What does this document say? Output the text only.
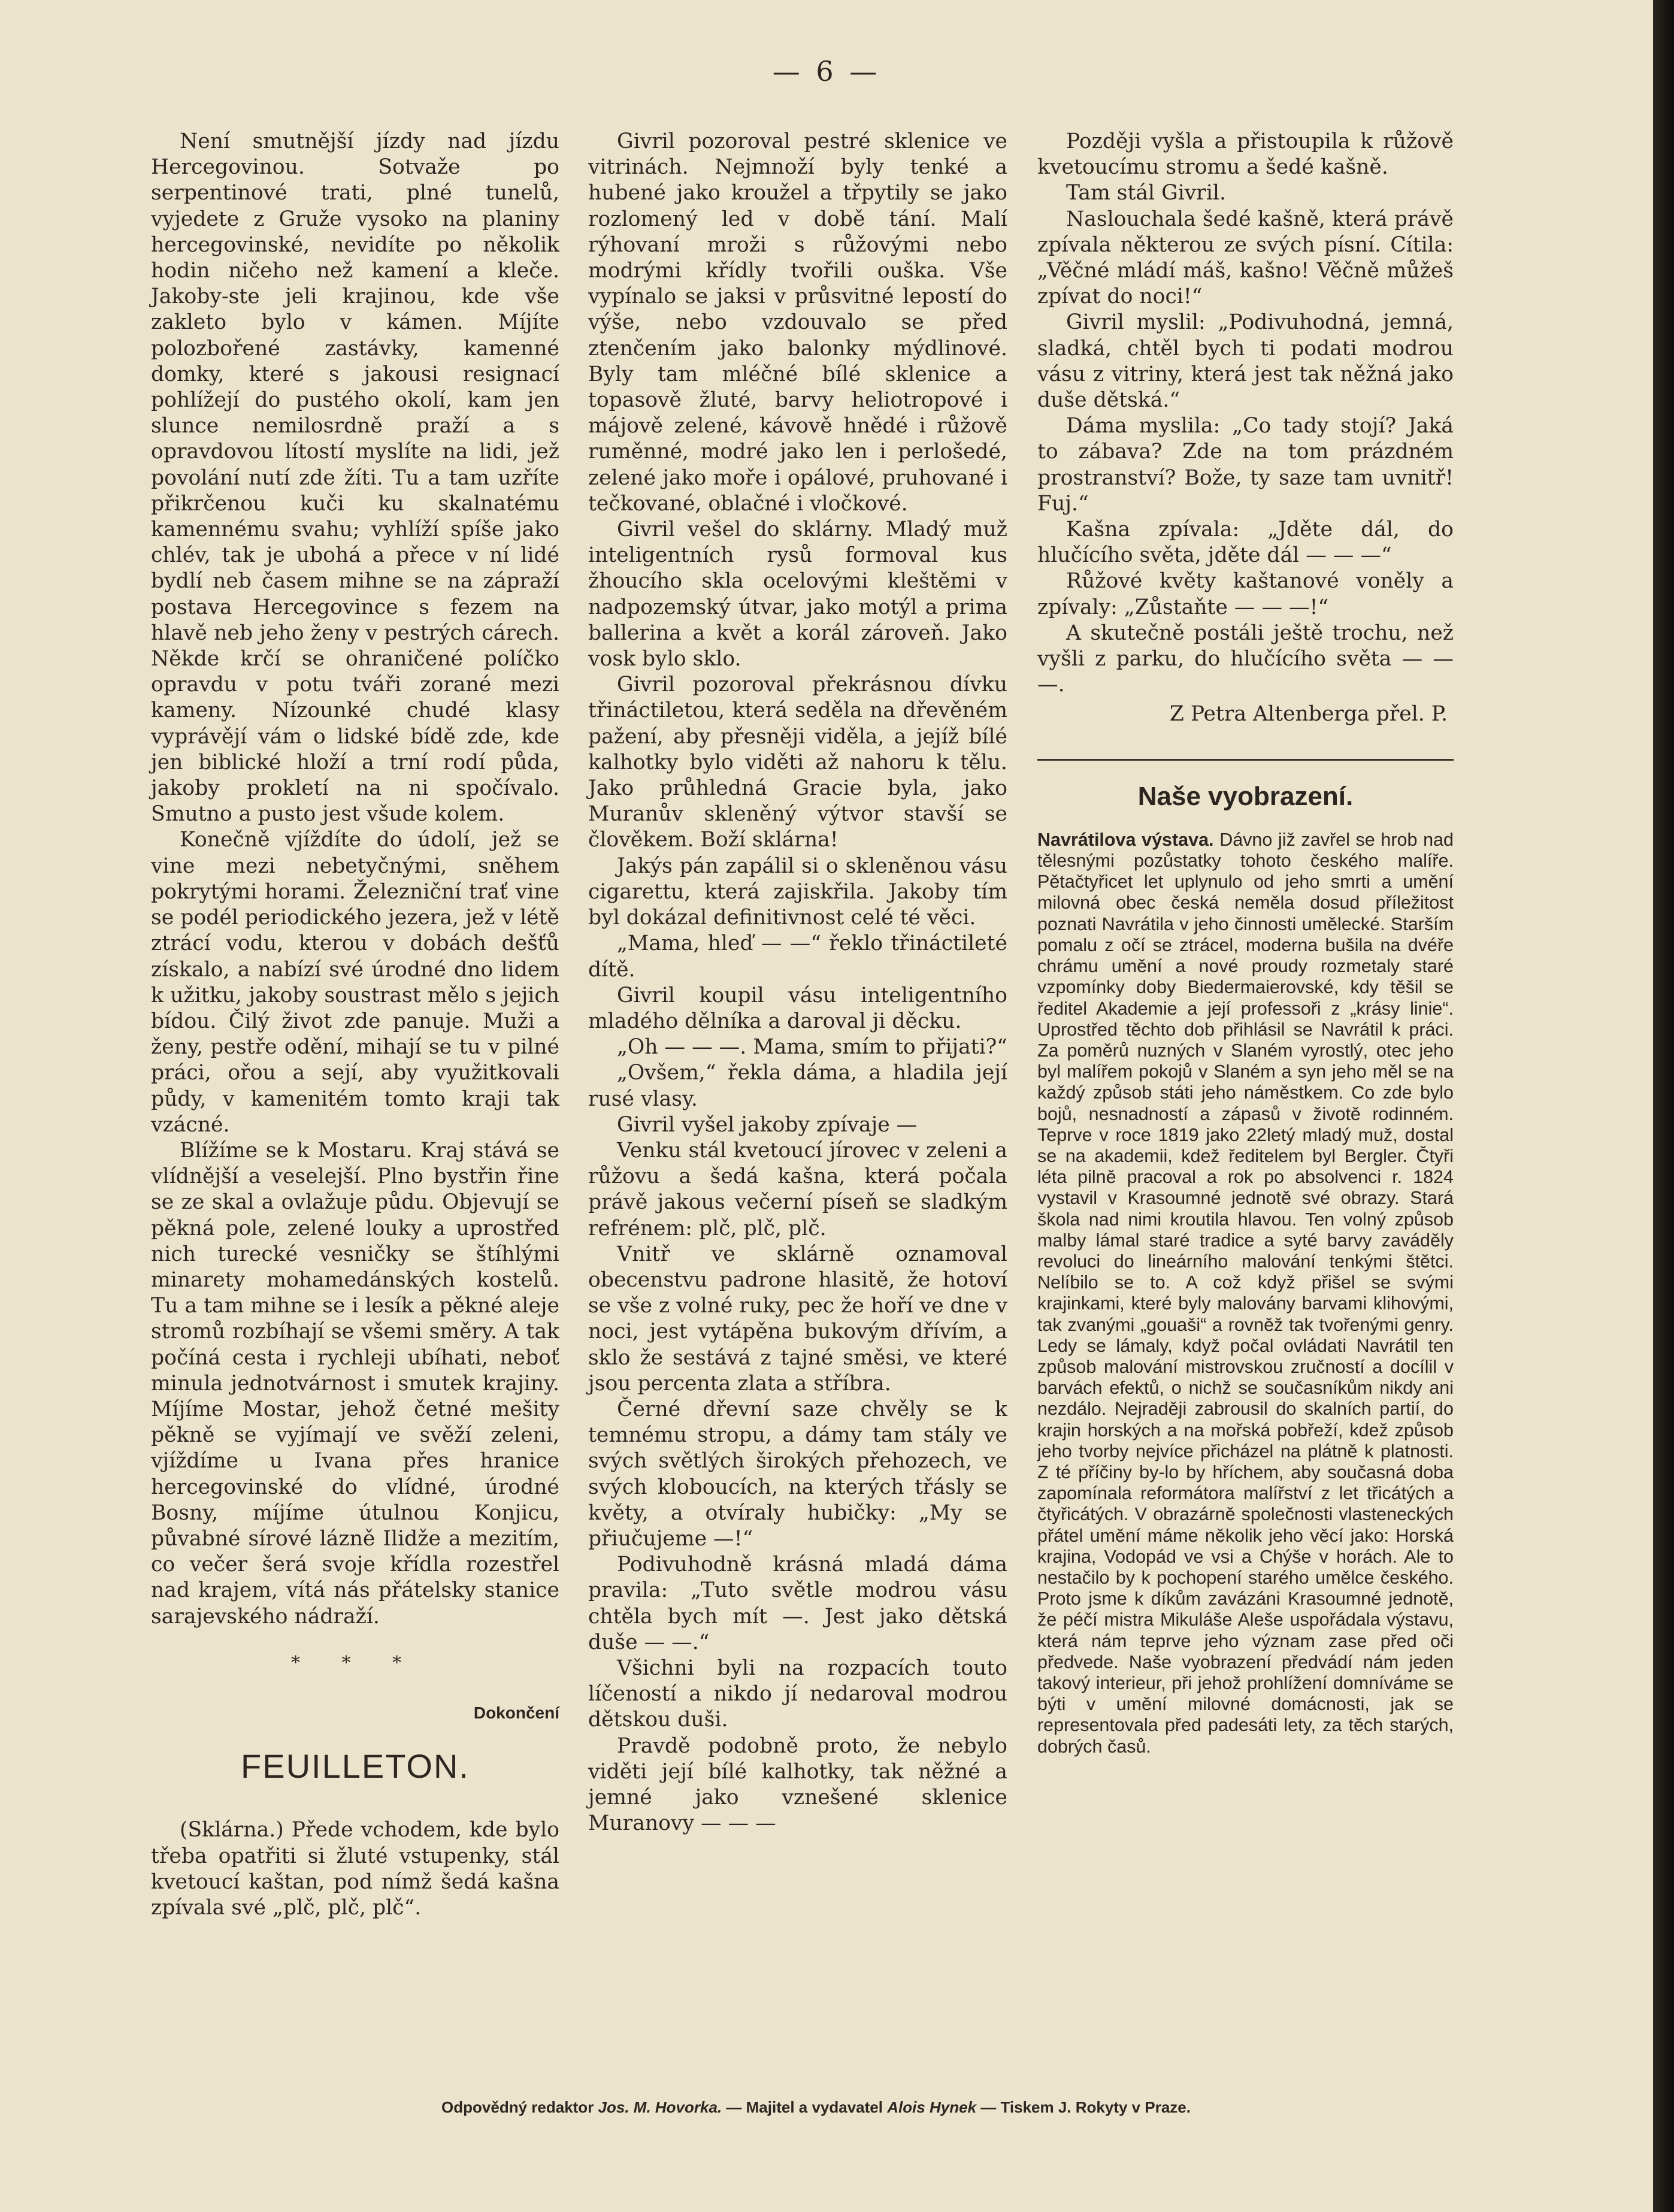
— 6 —

Není smutnější jízdy nad jízdu Hercegovinou. Sotvaže po serpentinové trati, plné tunelů, vyjedete z Gruže vysoko na planiny hercegovinské, nevidíte po několik hodin ničeho než kamení a kleče. Jakoby-ste jeli krajinou, kde vše zakleto bylo v kámen. Míjíte polozbořené zastávky, kamenné domky, které s jakousi resignací pohlížejí do pustého okolí, kam jen slunce nemilosrdně praží a s opravdovou lítostí myslíte na lidi, jež povolání nutí zde žíti. Tu a tam uzříte přikrčenou kuči ku skalnatému kamennému svahu; vyhlíží spíše jako chlév, tak je ubohá a přece v ní lidé bydlí neb časem mihne se na zápraží postava Hercegovince s fezem na hlavě neb jeho ženy v pestrých cárech. Někde krčí se ohraničené políčko opravdu v potu tváři zorané mezi kameny. Nízounké chudé klasy vyprávějí vám o lidské bídě zde, kde jen biblické hloží a trní rodí půda, jakoby prokletí na ni spočívalo. Smutno a pusto jest všude kolem.

Konečně vjíždíte do údolí, jež se vine mezi nebetyčnými, sněhem pokrytými horami. Železniční trať vine se podél periodického jezera, jež v létě ztrácí vodu, kterou v dobách dešťů získalo, a nabízí své úrodné dno lidem k užitku, jakoby soustrast mělo s jejich bídou. Čilý život zde panuje. Muži a ženy, pestře odění, mihají se tu v pilné práci, ořou a sejí, aby využitkovali půdy, v kamenitém tomto kraji tak vzácné.

Blížíme se k Mostaru. Kraj stává se vlídnější a veselejší. Plno bystřin řine se ze skal a ovlažuje půdu. Objevují se pěkná pole, zelené louky a uprostřed nich turecké vesničky se štíhlými minarety mohamedánských kostelů. Tu a tam mihne se i lesík a pěkné aleje stromů rozbíhají se všemi směry. A tak počíná cesta i rychleji ubíhati, neboť minula jednotvárnost i smutek krajiny. Míjíme Mostar, jehož četné mešity pěkně se vyjímají ve svěží zeleni, vjíždíme u Ivana přes hranice hercegovinské do vlídné, úrodné Bosny, míjíme útulnou Konjicu, půvabné sírové lázně Ilidže a mezitím, co večer šerá svoje křídla rozestřel nad krajem, vítá nás přátelsky stanice sarajevského nádraží.

* * *
Dokončení
FEUILLETON.

(Sklárna.) Přede vchodem, kde bylo třeba opatřiti si žluté vstupenky, stál kvetoucí kaštan, pod nímž šedá kašna zpívala své „plč, plč, plč“.

Givril pozoroval pestré sklenice ve vitrinách. Nejmnoží byly tenké a hubené jako kroužel a třpytily se jako rozlomený led v době tání. Malí rýhovaní mroži s růžovými nebo modrými křídly tvořili ouška. Vše vypínalo se jaksi v průsvitné lepostí do výše, nebo vzdouvalo se před ztenčením jako balonky mýdlinové. Byly tam mléčné bílé sklenice a topasově žluté, barvy heliotropové i májově zelené, kávově hnědé i růžově ruměnné, modré jako len i perlošedé, zelené jako moře i opálové, pruhované i tečkované, oblačné i vločkové.

Givril vešel do sklárny. Mladý muž inteligentních rysů formoval kus žhoucího skla ocelovými kleštěmi v nadpozemský útvar, jako motýl a prima ballerina a květ a korál zároveň. Jako vosk bylo sklo.

Givril pozoroval překrásnou dívku třináctiletou, která seděla na dřevěném pažení, aby přesněji viděla, a jejíž bílé kalhotky bylo viděti až nahoru k tělu. Jako průhledná Gracie byla, jako Muranův skleněný výtvor stavší se člověkem. Boží sklárna!

Jakýs pán zapálil si o skleněnou vásu cigarettu, která zajiskřila. Jakoby tím byl dokázal definitivnost celé té věci.

„Mama, hleď — —“ řeklo třináctileté dítě.

Givril koupil vásu inteligentního mladého dělníka a daroval ji děcku.

„Oh — — —. Mama, smím to přijati?“

„Ovšem,“ řekla dáma, a hladila její rusé vlasy.

Givril vyšel jakoby zpívaje —

Venku stál kvetoucí jírovec v zeleni a růžovu a šedá kašna, která počala právě jakous večerní píseň se sladkým refrénem: plč, plč, plč.

Vnitř ve sklárně oznamoval obecenstvu padrone hlasitě, že hotoví se vše z volné ruky, pec že hoří ve dne v noci, jest vytápěna bukovým dřívím, a sklo že sestává z tajné směsi, ve které jsou percenta zlata a stříbra.

Černé dřevní saze chvěly se k temnému stropu, a dámy tam stály ve svých světlých širokých přehozech, ve svých kloboucích, na kterých třásly se květy, a otvíraly hubičky: „My se přiučujeme —!“

Podivuhodně krásná mladá dáma pravila: „Tuto světle modrou vásu chtěla bych mít —. Jest jako dětská duše — —.“

Všichni byli na rozpacích touto líčeností a nikdo jí nedaroval modrou dětskou duši.

Pravdě podobně proto, že nebylo viděti její bílé kalhotky, tak něžné a jemné jako vznešené sklenice Muranovy — — —

Později vyšla a přistoupila k růžově kvetoucímu stromu a šedé kašně.

Tam stál Givril.

Naslouchala šedé kašně, která právě zpívala některou ze svých písní. Cítila: „Věčné mládí máš, kašno! Věčně můžeš zpívat do noci!“

Givril myslil: „Podivuhodná, jemná, sladká, chtěl bych ti podati modrou vásu z vitriny, která jest tak něžná jako duše dětská.“

Dáma myslila: „Co tady stojí? Jaká to zábava? Zde na tom prázdném prostranství? Bože, ty saze tam uvnitř! Fuj.“

Kašna zpívala: „Jděte dál, do hlučícího světa, jděte dál — — —“

Růžové květy kaštanové voněly a zpívaly: „Zůstaňte — — —!“

A skutečně postáli ještě trochu, než vyšli z parku, do hlučícího světa — — —.

Z Petra Altenberga přel. P.
Naše vyobrazení.

Navrátilova výstava. Dávno již zavřel se hrob nad tělesnými pozůstatky tohoto českého malíře. Pětačtyřicet let uplynulo od jeho smrti a umění milovná obec česká neměla dosud příležitost poznati Navrátila v jeho činnosti umělecké. Starším pomalu z očí se ztrácel, moderna bušila na dvéře chrámu umění a nové proudy rozmetaly staré vzpomínky doby Biedermaierovské, kdy těšil se ředitel Akademie a její professoři z „krásy linie“. Uprostřed těchto dob přihlásil se Navrátil k práci. Za poměrů nuzných v Slaném vyrostlý, otec jeho byl malířem pokojů v Slaném a syn jeho měl se na každý způsob státi jeho náměstkem. Co zde bylo bojů, nesnadností a zápasů v životě rodinném. Teprve v roce 1819 jako 22letý mladý muž, dostal se na akademii, kdež ředitelem byl Bergler. Čtyři léta pilně pracoval a rok po absolvenci r. 1824 vystavil v Krasoumné jednotě své obrazy. Stará škola nad nimi kroutila hlavou. Ten volný způsob malby lámal staré tradice a syté barvy zaváděly revoluci do lineárního malování tenkými štětci. Nelíbilo se to. A což když přišel se svými krajinkami, které byly malovány barvami klihovými, tak zvanými „gouaši“ a rovněž tak tvořenými genry. Ledy se lámaly, když počal ovládati Navrátil ten způsob malování mistrovskou zručností a docílil v barvách efektů, o nichž se současníkům nikdy ani nezdálo. Nejraději zabrousil do skalních partií, do krajin horských a na mořská pobřeží, kdež způsob jeho tvorby nejvíce přicházel na plátně k platnosti. Z té příčiny by-lo by hříchem, aby současná doba zapomínala reformátora malířství z let třicátých a čtyřicátých. V obrazárně společnosti vlasteneckých přátel umění máme několik jeho věcí jako: Horská krajina, Vodopád ve vsi a Chýše v horách. Ale to nestačilo by k pochopení starého umělce českého. Proto jsme k díkům zavázáni Krasoumné jednotě, že péčí mistra Mikuláše Aleše uspořádala výstavu, která nám teprve jeho význam zase před oči předvede. Naše vyobrazení předvádí nám jeden takový interieur, při jehož prohlížení domníváme se býti v umění milovné domácnosti, jak se representovala před padesáti lety, za těch starých, dobrých časů.

Odpovědný redaktor Jos. M. Hovorka. — Majitel a vydavatel Alois Hynek — Tiskem J. Rokyty v Praze.
